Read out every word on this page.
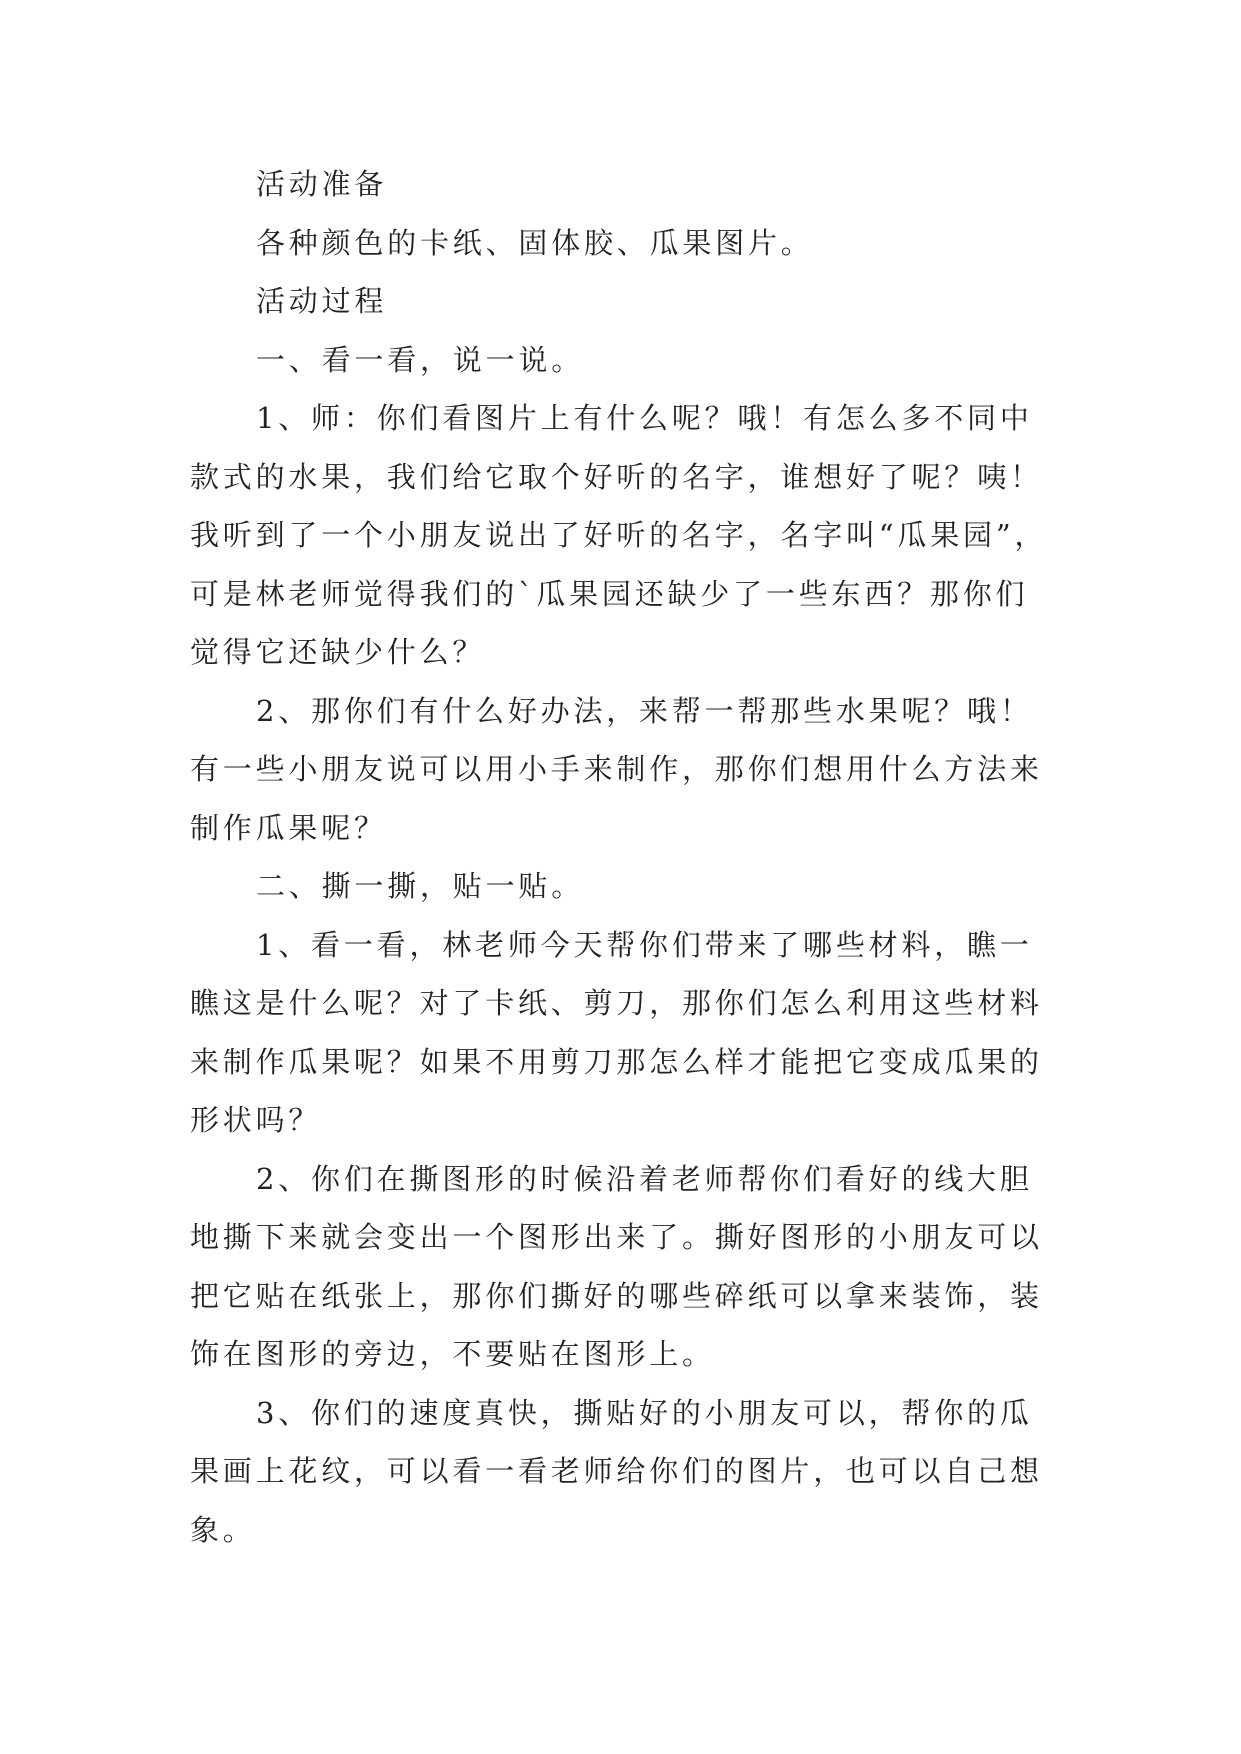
活动准备

各种颜色的卡纸、固体胶、瓜果图片。

活动过程

一、看一看，说一说。

1、师：你们看图片上有什么呢？哦！有怎么多不同中款式的水果，我们给它取个好听的名字，谁想好了呢？咦！我听到了一个小朋友说出了好听的名字，名字叫“瓜果园”，可是林老师觉得我们的`瓜果园还缺少了一些东西？那你们觉得它还缺少什么？

2、那你们有什么好办法，来帮一帮那些水果呢？哦！有一些小朋友说可以用小手来制作，那你们想用什么方法来制作瓜果呢？

二、撕一撕，贴一贴。

1、看一看，林老师今天帮你们带来了哪些材料，瞧一瞧这是什么呢？对了卡纸、剪刀，那你们怎么利用这些材料来制作瓜果呢？如果不用剪刀那怎么样才能把它变成瓜果的形状吗？

2、你们在撕图形的时候沿着老师帮你们看好的线大胆地撕下来就会变出一个图形出来了。撕好图形的小朋友可以把它贴在纸张上，那你们撕好的哪些碎纸可以拿来装饰，装饰在图形的旁边，不要贴在图形上。

3、你们的速度真快，撕贴好的小朋友可以，帮你的瓜果画上花纹，可以看一看老师给你们的图片，也可以自己想象。
